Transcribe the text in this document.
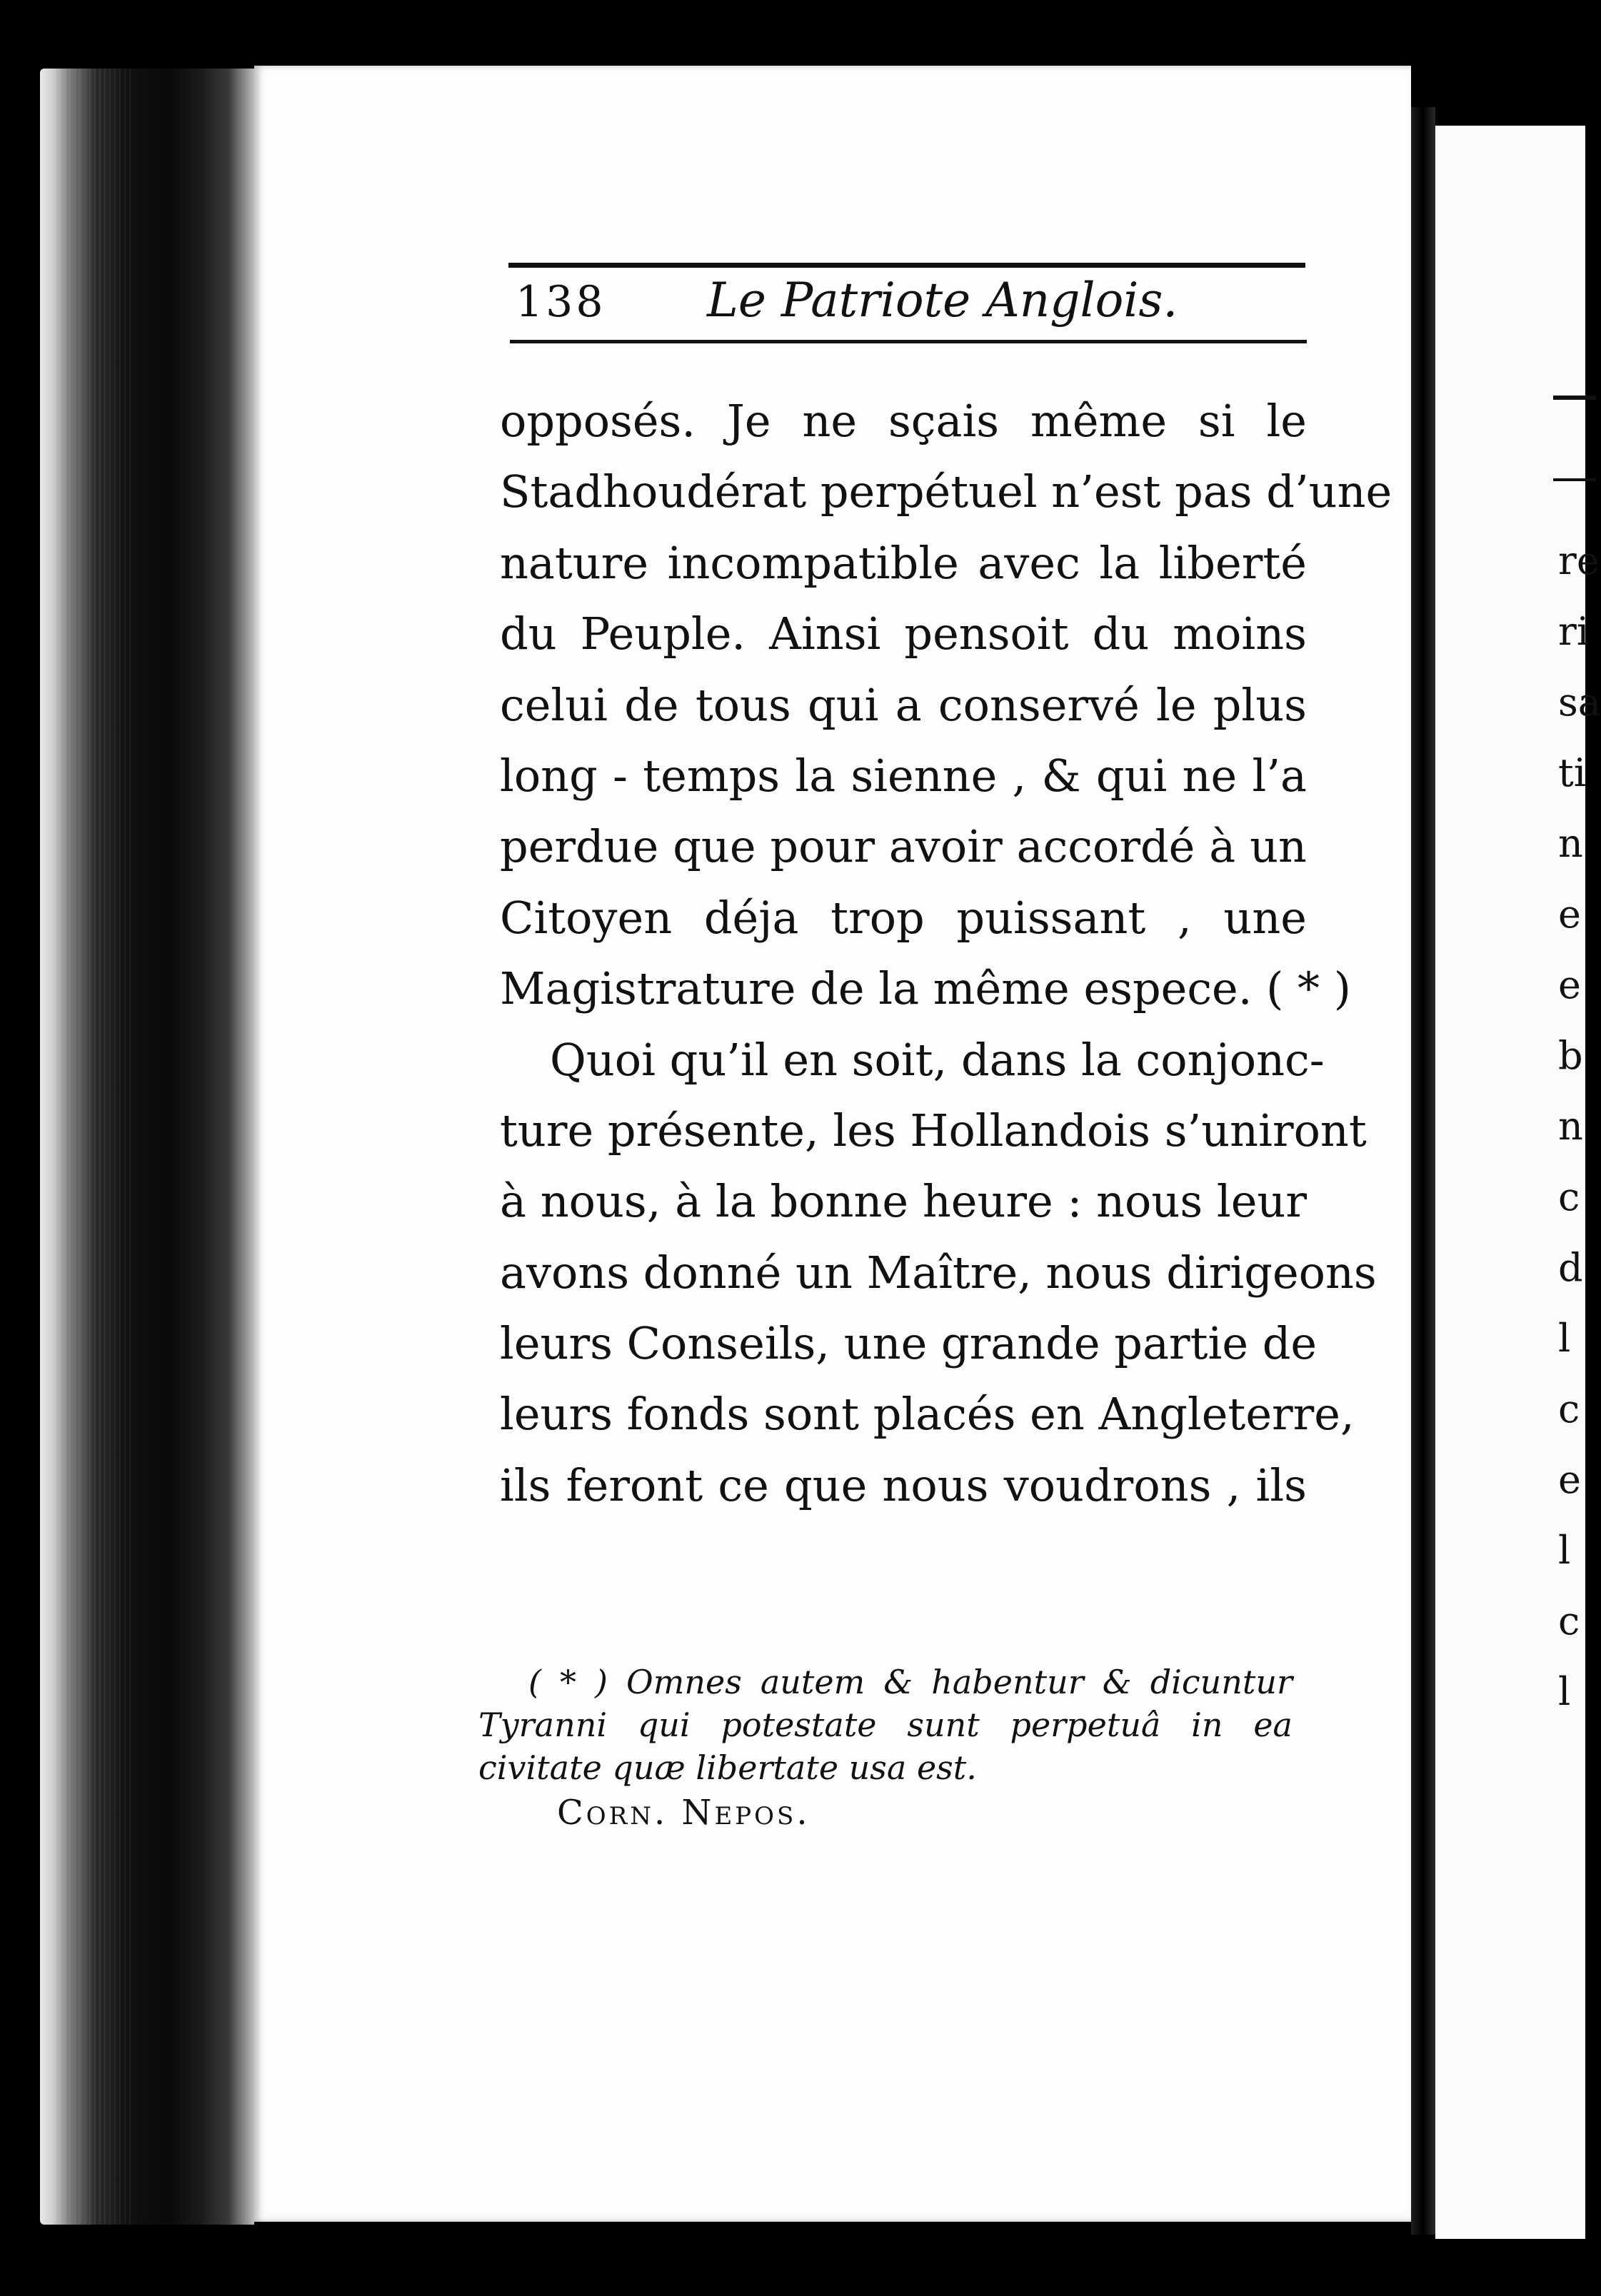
re
ri
sa
ti
n
e
e
b
n
c
d
l
c
e
l
c
l
138 Le Patriote Anglois.
opposés. Je ne sçais même si le
Stadhoudérat perpétuel n’est pas d’une
nature incompatible avec la liberté
du Peuple. Ainsi pensoit du moins
celui de tous qui a conservé le plus
long - temps la sienne , & qui ne l’a
perdue que pour avoir accordé à un
Citoyen déja trop puissant , une
Magistrature de la même espece. ( * )
Quoi qu’il en soit, dans la conjonc-
ture présente, les Hollandois s’uniront
à nous, à la bonne heure : nous leur
avons donné un Maître, nous dirigeons
leurs Conseils, une grande partie de
leurs fonds sont placés en Angleterre,
ils feront ce que nous voudrons , ils
( * ) Omnes autem & habentur & dicuntur
Tyranni qui potestate sunt perpetuâ in ea
civitate quæ libertate usa est.
Corn. Nepos.
